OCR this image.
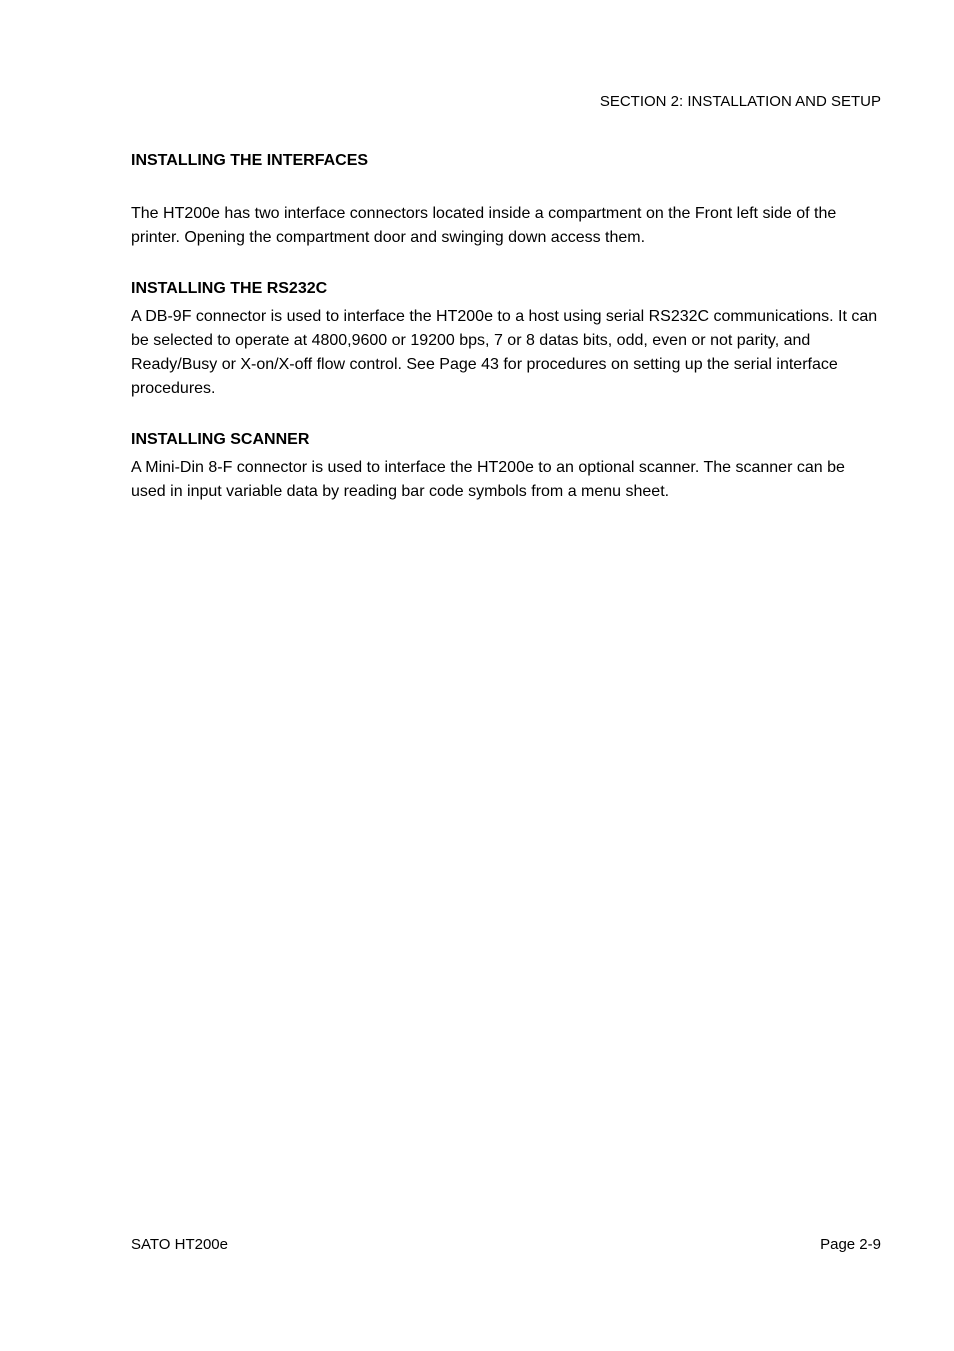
SECTION 2: INSTALLATION AND SETUP

INSTALLING THE INTERFACES

The HT200e has two interface connectors located inside a compartment on the Front left side of the printer. Opening the compartment door and swinging down access them.

INSTALLING THE RS232C

A DB-9F connector is used to interface the HT200e to a host using serial RS232C communications. It can be selected to operate at 4800,9600 or 19200 bps, 7 or 8 datas bits, odd, even or not parity, and Ready/Busy or X-on/X-off flow control. See Page 43 for procedures on setting up the serial interface procedures.

INSTALLING SCANNER

A Mini-Din 8-F connector is used to interface the HT200e to an optional scanner. The scanner can be used in input variable data by reading bar code symbols from a menu sheet.

SATO HT200e	Page 2-9
